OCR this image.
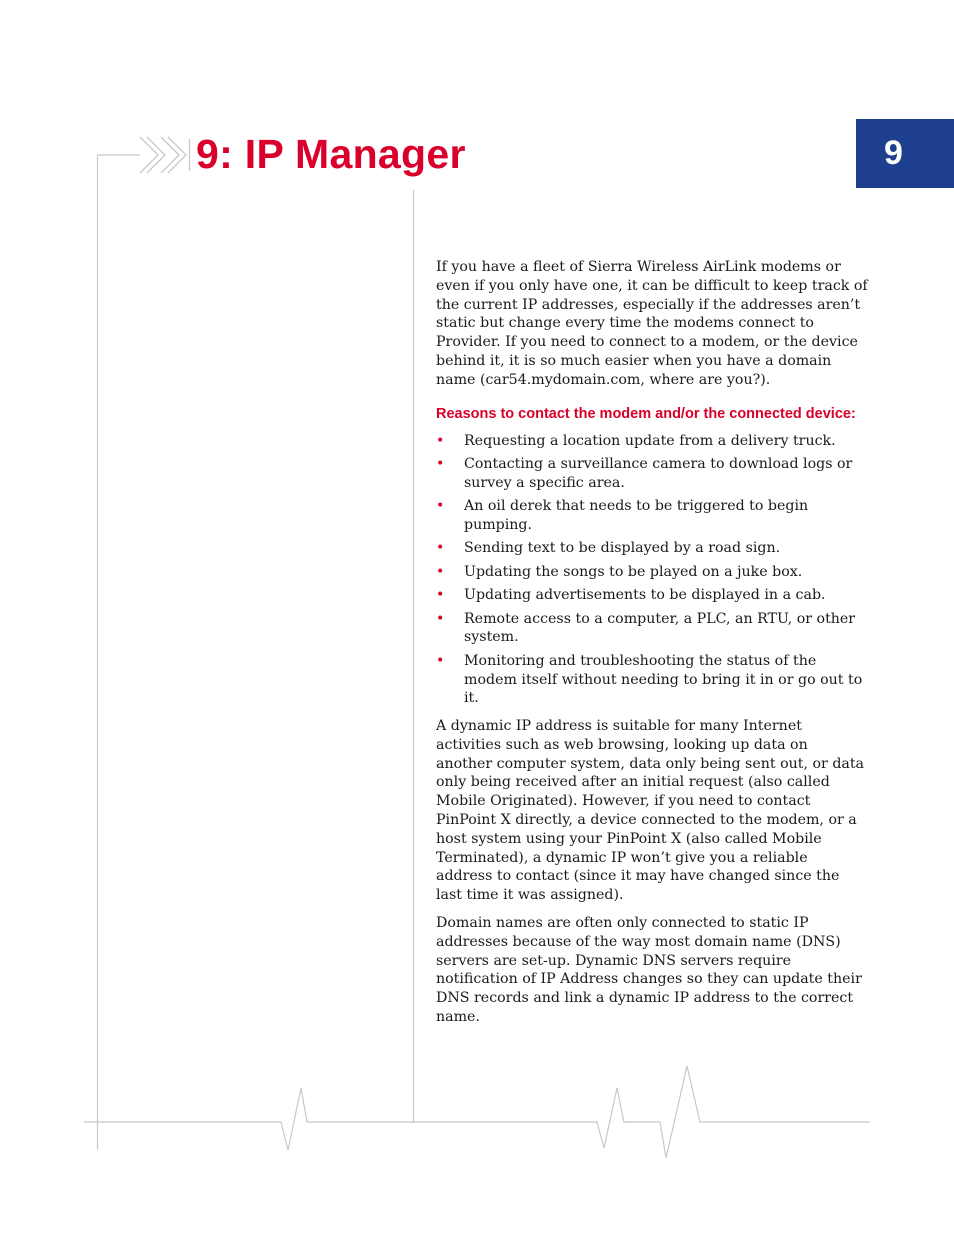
9: IP Manager	9

If you have a fleet of Sierra Wireless AirLink modems or even if you only have one, it can be difficult to keep track of the current IP addresses, especially if the addresses aren’t static but change every time the modems connect to Provider. If you need to connect to a modem, or the device behind it, it is so much easier when you have a domain name (car54.mydomain.com, where are you?).

Reasons to contact the modem and/or the connected device:
• Requesting a location update from a delivery truck.
• Contacting a surveillance camera to download logs or survey a specific area.
• An oil derek that needs to be triggered to begin pumping.
• Sending text to be displayed by a road sign.
• Updating the songs to be played on a juke box.
• Updating advertisements to be displayed in a cab.
• Remote access to a computer, a PLC, an RTU, or other system.
• Monitoring and troubleshooting the status of the modem itself without needing to bring it in or go out to it.

A dynamic IP address is suitable for many Internet activities such as web browsing, looking up data on another computer system, data only being sent out, or data only being received after an initial request (also called Mobile Originated). However, if you need to contact PinPoint X directly, a device connected to the modem, or a host system using your PinPoint X (also called Mobile Terminated), a dynamic IP won’t give you a reliable address to contact (since it may have changed since the last time it was assigned).

Domain names are often only connected to static IP addresses because of the way most domain name (DNS) servers are set-up. Dynamic DNS servers require notification of IP Address changes so they can update their DNS records and link a dynamic IP address to the correct name.
